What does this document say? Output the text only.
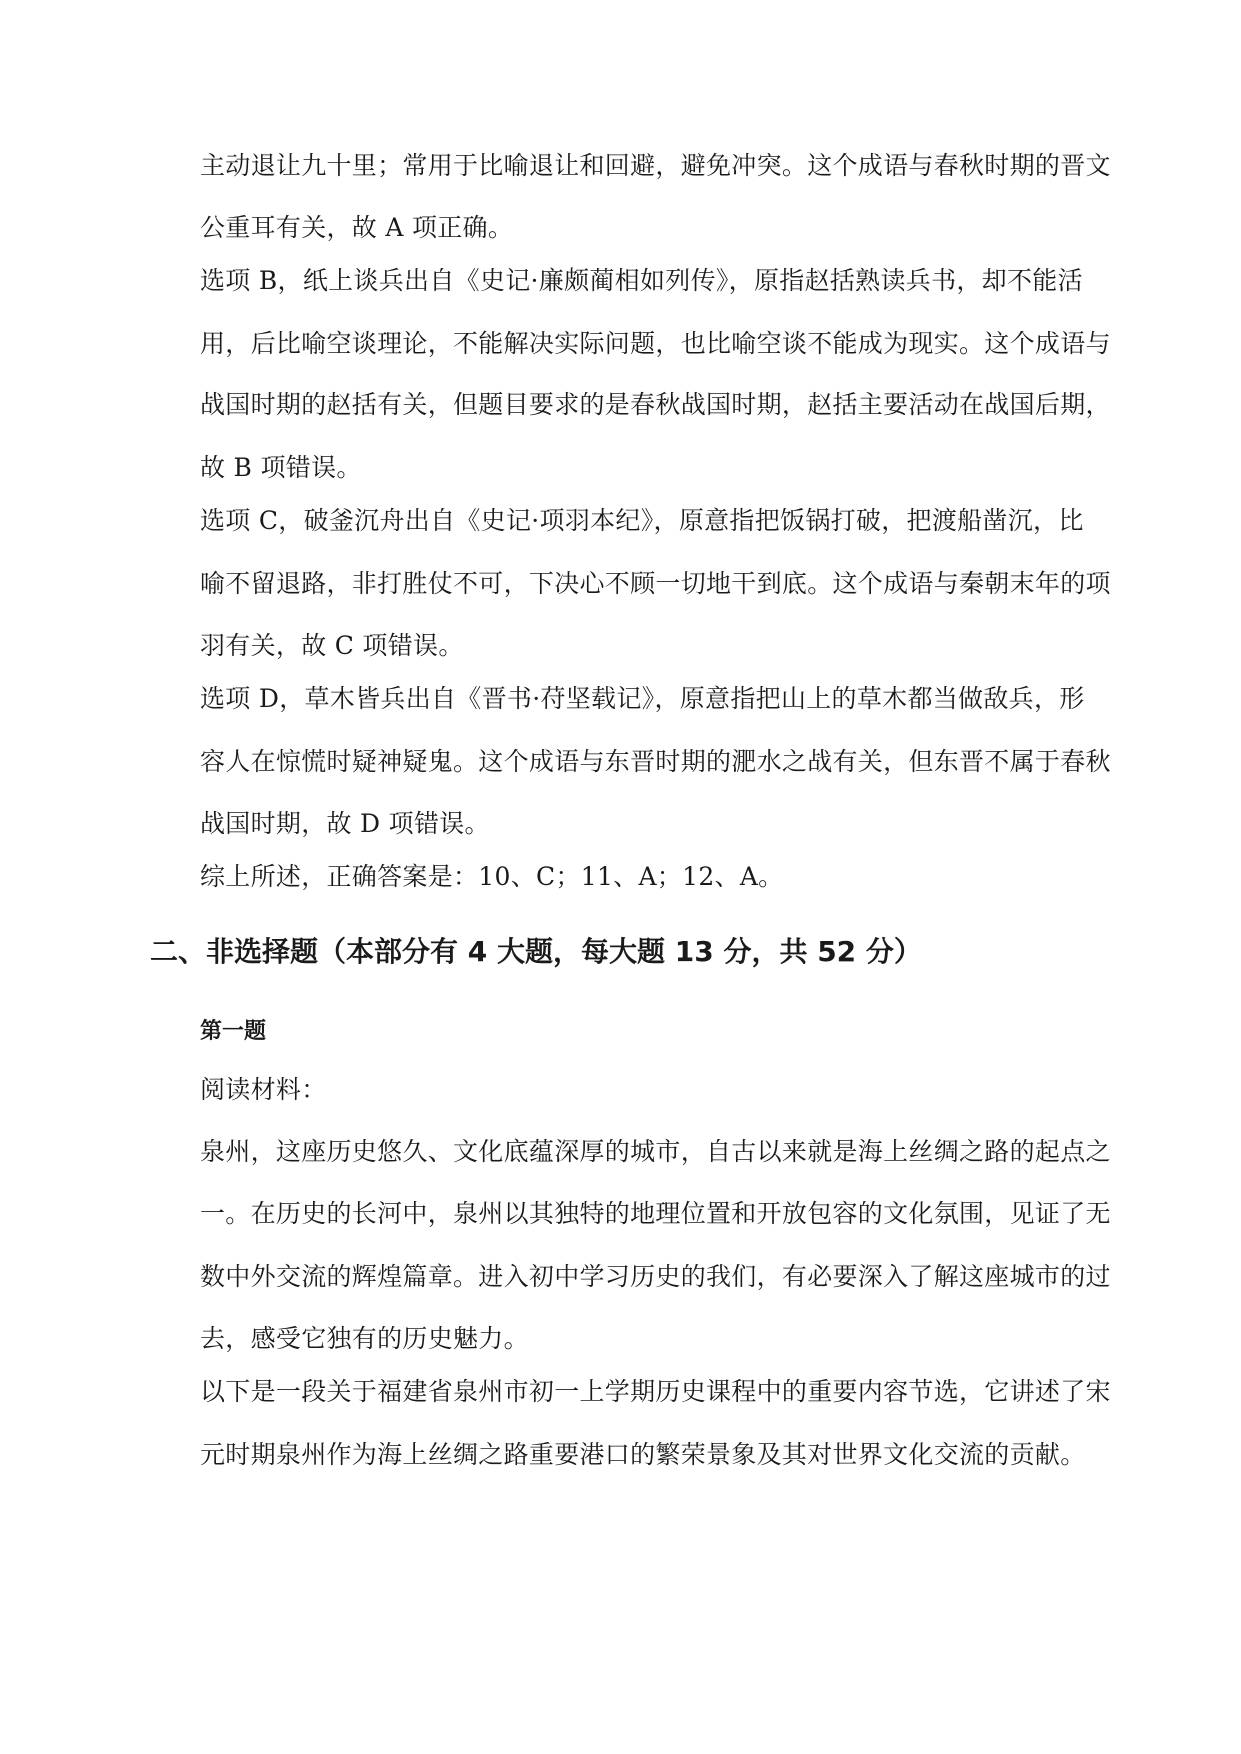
主动退让九十里；常用于比喻退让和回避，避免冲突。这个成语与春秋时期的晋文
公重耳有关，故 A 项正确。
选项 B，纸上谈兵出自《史记·廉颇蔺相如列传》，原指赵括熟读兵书，却不能活
用，后比喻空谈理论，不能解决实际问题，也比喻空谈不能成为现实。这个成语与
战国时期的赵括有关，但题目要求的是春秋战国时期，赵括主要活动在战国后期，
故 B 项错误。
选项 C，破釜沉舟出自《史记·项羽本纪》，原意指把饭锅打破，把渡船凿沉，比
喻不留退路，非打胜仗不可，下决心不顾一切地干到底。这个成语与秦朝末年的项
羽有关，故 C 项错误。
选项 D，草木皆兵出自《晋书·苻坚载记》，原意指把山上的草木都当做敌兵，形
容人在惊慌时疑神疑鬼。这个成语与东晋时期的淝水之战有关，但东晋不属于春秋
战国时期，故 D 项错误。
综上所述，正确答案是：10、C；11、A；12、A。
二、非选择题（本部分有 4 大题，每大题 13 分，共 52 分）
第一题
阅读材料：
泉州，这座历史悠久、文化底蕴深厚的城市，自古以来就是海上丝绸之路的起点之
一。在历史的长河中，泉州以其独特的地理位置和开放包容的文化氛围，见证了无
数中外交流的辉煌篇章。进入初中学习历史的我们，有必要深入了解这座城市的过
去，感受它独有的历史魅力。
以下是一段关于福建省泉州市初一上学期历史课程中的重要内容节选，它讲述了宋
元时期泉州作为海上丝绸之路重要港口的繁荣景象及其对世界文化交流的贡献。
